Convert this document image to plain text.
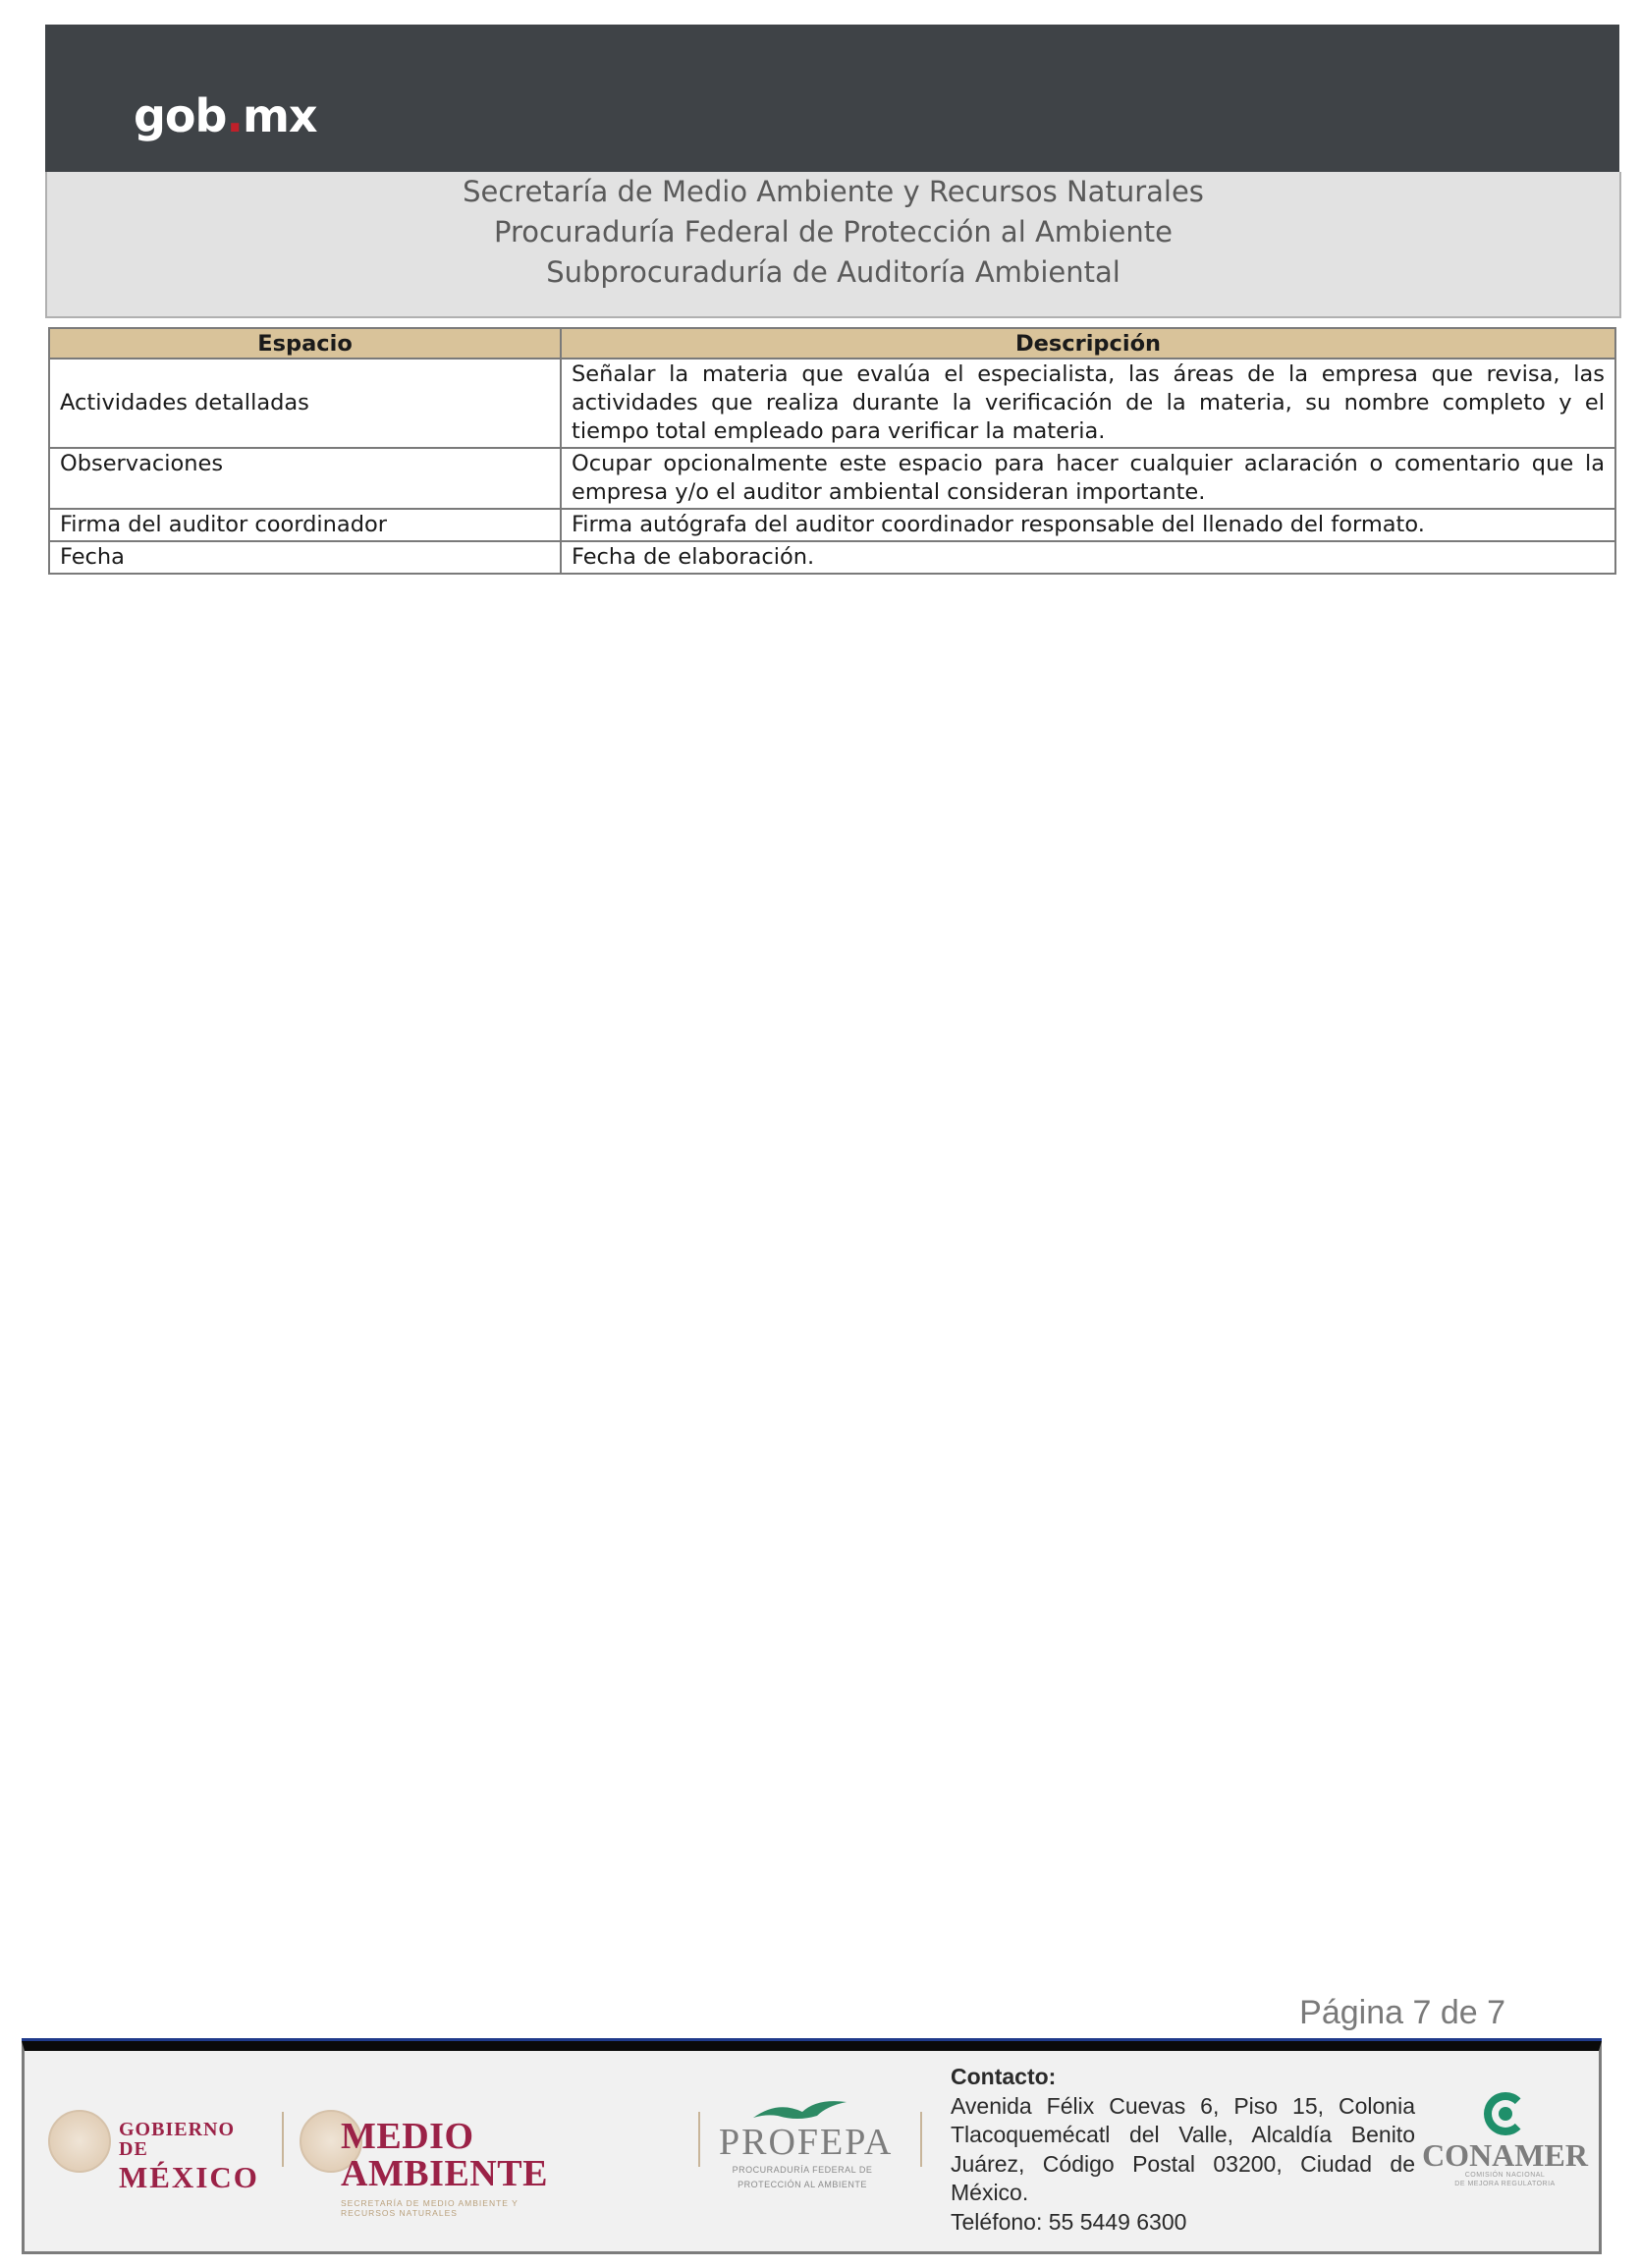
gob.mx
Secretaría de Medio Ambiente y Recursos Naturales
Procuraduría Federal de Protección al Ambiente
Subprocuraduría de Auditoría Ambiental
Espacio	Descripción
Actividades detalladas	Señalar la materia que evalúa el especialista, las áreas de la empresa que revisa, las actividades que realiza durante la verificación de la materia, su nombre completo y el tiempo total empleado para verificar la materia.
Observaciones	Ocupar opcionalmente este espacio para hacer cualquier aclaración o comentario que la empresa y/o el auditor ambiental consideran importante.
Firma del auditor coordinador	Firma autógrafa del auditor coordinador responsable del llenado del formato.
Fecha	Fecha de elaboración.
Página 7 de 7
GOBIERNO DE
MÉXICO
MEDIO AMBIENTE
SECRETARÍA DE MEDIO AMBIENTE Y RECURSOS NATURALES
PROFEPA
PROCURADURÍA FEDERAL DE
PROTECCIÓN AL AMBIENTE
Contacto:
Avenida Félix Cuevas 6, Piso 15, Colonia Tlacoquemécatl del Valle, Alcaldía Benito Juárez, Código Postal 03200, Ciudad de México.
Teléfono: 55 5449 6300
CONAMER
COMISIÓN NACIONAL
DE MEJORA REGULATORIA
